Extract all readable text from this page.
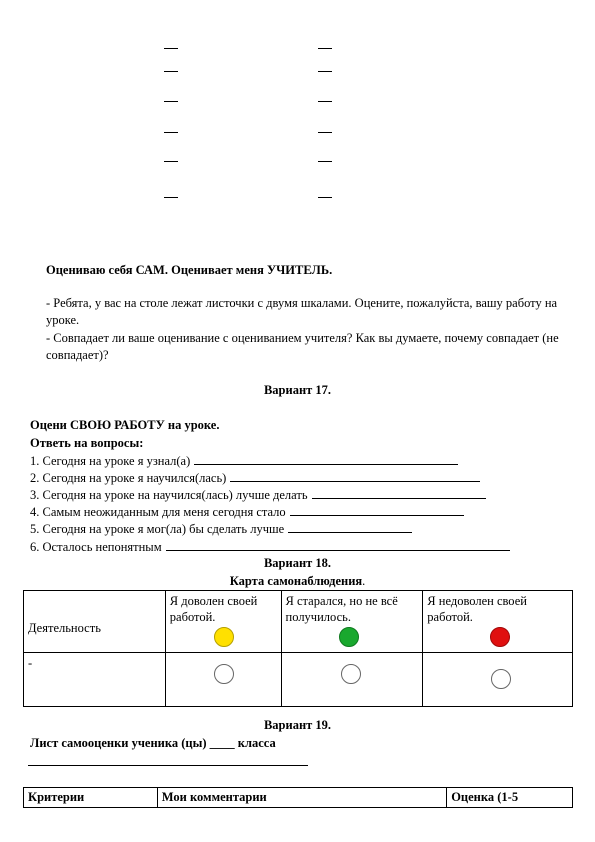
Оцениваю себя САМ. Оценивает меня УЧИТЕЛЬ.
- Ребята, у вас на столе лежат листочки с двумя шкалами. Оцените, пожалуйста, вашу работу на уроке.
- Совпадает ли ваше оценивание с оцениванием учителя? Как вы думаете, почему совпадает (не совпадает)?
Вариант 17.
Оцени СВОЮ РАБОТУ на уроке.
Ответь на вопросы:
1. Сегодня на уроке я узнал(а)
2. Сегодня на уроке я научился(лась)
3. Сегодня на уроке на научился(лась) лучше делать
4. Самым неожиданным для меня сегодня стало
5. Сегодня на уроке я мог(ла) бы сделать лучше
6. Осталось непонятным
Вариант 18.
Карта самонаблюдения.
Деятельность	Я доволен своей работой.	Я старался, но не всё получилось.	Я недоволен своей работой.
-			
Вариант 19.
Лист самооценки ученика (цы) ____ класса
Критерии	Мои комментарии	Оценка (1-5
